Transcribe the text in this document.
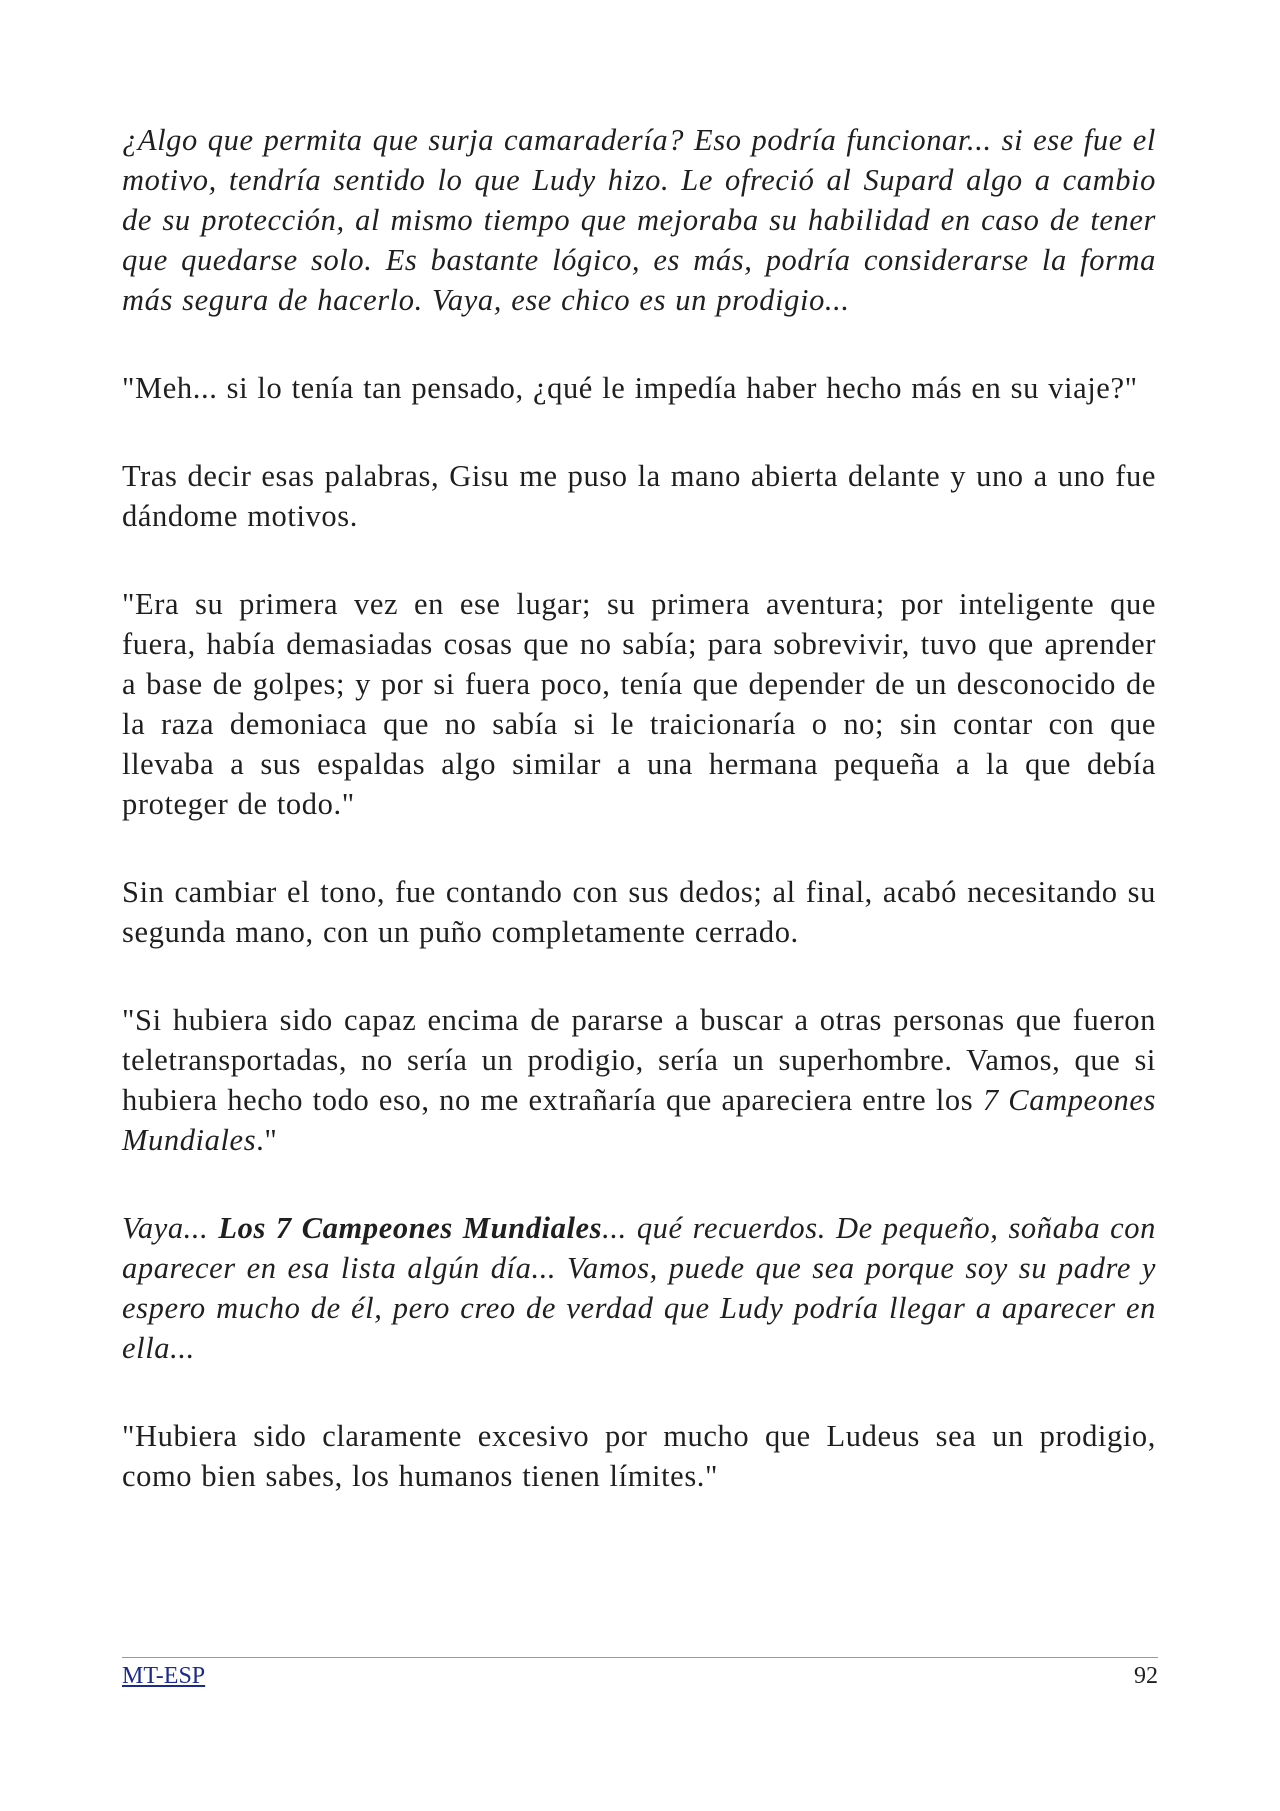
¿Algo que permita que surja camaradería? Eso podría funcionar... si ese fue el motivo, tendría sentido lo que Ludy hizo. Le ofreció al Supard algo a cambio de su protección, al mismo tiempo que mejoraba su habilidad en caso de tener que quedarse solo. Es bastante lógico, es más, podría considerarse la forma más segura de hacerlo. Vaya, ese chico es un prodigio...

"Meh... si lo tenía tan pensado, ¿qué le impedía haber hecho más en su viaje?"

Tras decir esas palabras, Gisu me puso la mano abierta delante y uno a uno fue dándome motivos.

"Era su primera vez en ese lugar; su primera aventura; por inteligente que fuera, había demasiadas cosas que no sabía; para sobrevivir, tuvo que aprender a base de golpes; y por si fuera poco, tenía que depender de un desconocido de la raza demoniaca que no sabía si le traicionaría o no; sin contar con que llevaba a sus espaldas algo similar a una hermana pequeña a la que debía proteger de todo."

Sin cambiar el tono, fue contando con sus dedos; al final, acabó necesitando su segunda mano, con un puño completamente cerrado.

"Si hubiera sido capaz encima de pararse a buscar a otras personas que fueron teletransportadas, no sería un prodigio, sería un superhombre. Vamos, que si hubiera hecho todo eso, no me extrañaría que apareciera entre los 7 Campeones Mundiales."

Vaya... Los 7 Campeones Mundiales... qué recuerdos. De pequeño, soñaba con aparecer en esa lista algún día... Vamos, puede que sea porque soy su padre y espero mucho de él, pero creo de verdad que Ludy podría llegar a aparecer en ella...

"Hubiera sido claramente excesivo por mucho que Ludeus sea un prodigio, como bien sabes, los humanos tienen límites."

MT-ESP	92
